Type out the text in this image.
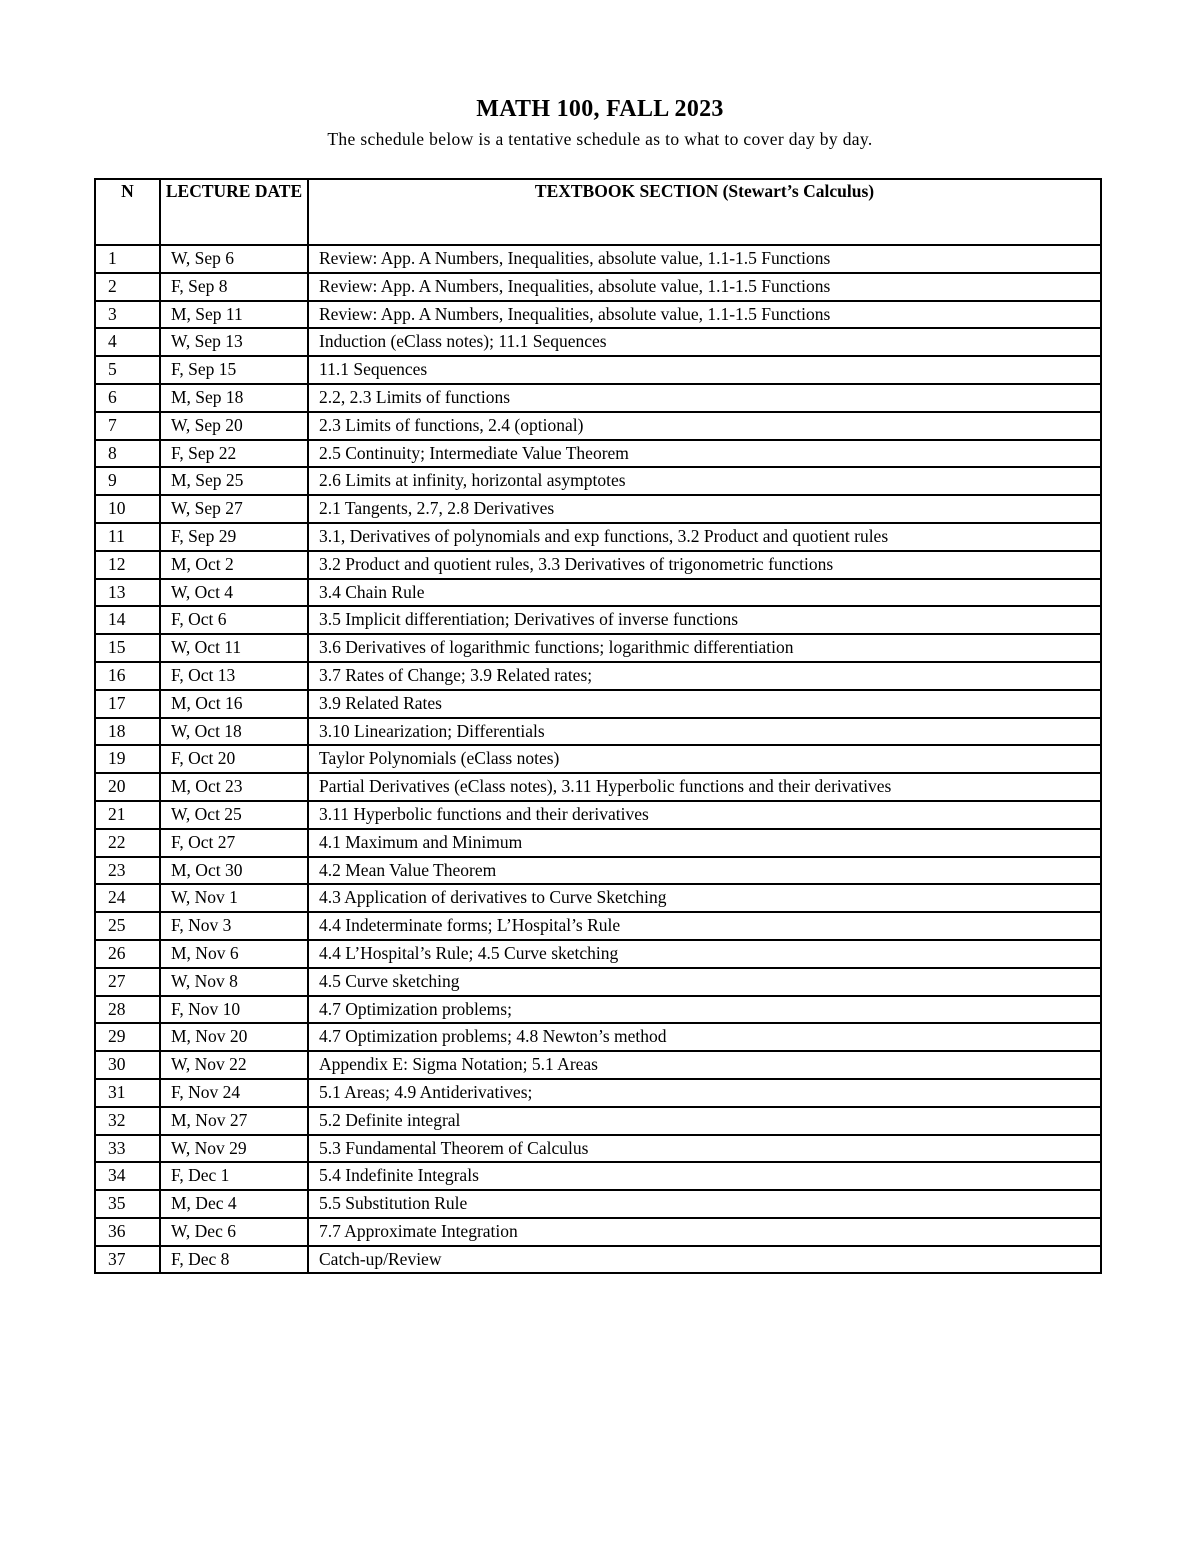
MATH 100, FALL 2023
The schedule below is a tentative schedule as to what to cover day by day.
N	LECTURE DATE	TEXTBOOK SECTION (Stewart’s Calculus)
1	W, Sep 6	Review: App. A Numbers, Inequalities, absolute value, 1.1-1.5 Functions
2	F, Sep 8	Review: App. A Numbers, Inequalities, absolute value, 1.1-1.5 Functions
3	M, Sep 11	Review: App. A Numbers, Inequalities, absolute value, 1.1-1.5 Functions
4	W, Sep 13	Induction (eClass notes); 11.1 Sequences
5	F, Sep 15	11.1 Sequences
6	M, Sep 18	2.2, 2.3 Limits of functions
7	W, Sep 20	2.3 Limits of functions, 2.4 (optional)
8	F, Sep 22	2.5 Continuity; Intermediate Value Theorem
9	M, Sep 25	2.6 Limits at infinity, horizontal asymptotes
10	W, Sep 27	2.1 Tangents, 2.7, 2.8 Derivatives
11	F, Sep 29	3.1, Derivatives of polynomials and exp functions, 3.2 Product and quotient rules
12	M, Oct 2	3.2 Product and quotient rules, 3.3 Derivatives of trigonometric functions
13	W, Oct 4	3.4 Chain Rule
14	F, Oct 6	3.5 Implicit differentiation; Derivatives of inverse functions
15	W, Oct 11	3.6 Derivatives of logarithmic functions; logarithmic differentiation
16	F, Oct 13	3.7 Rates of Change; 3.9 Related rates;
17	M, Oct 16	3.9 Related Rates
18	W, Oct 18	3.10 Linearization; Differentials
19	F, Oct 20	Taylor Polynomials (eClass notes)
20	M, Oct 23	Partial Derivatives (eClass notes), 3.11 Hyperbolic functions and their derivatives
21	W, Oct 25	3.11 Hyperbolic functions and their derivatives
22	F, Oct 27	4.1 Maximum and Minimum
23	M, Oct 30	4.2 Mean Value Theorem
24	W, Nov 1	4.3 Application of derivatives to Curve Sketching
25	F, Nov 3	4.4 Indeterminate forms; L’Hospital’s Rule
26	M, Nov 6	4.4 L’Hospital’s Rule; 4.5 Curve sketching
27	W, Nov 8	4.5 Curve sketching
28	F, Nov 10	4.7 Optimization problems;
29	M, Nov 20	4.7 Optimization problems; 4.8 Newton’s method
30	W, Nov 22	Appendix E: Sigma Notation; 5.1 Areas
31	F, Nov 24	5.1 Areas; 4.9 Antiderivatives;
32	M, Nov 27	5.2 Definite integral
33	W, Nov 29	5.3 Fundamental Theorem of Calculus
34	F, Dec 1	5.4 Indefinite Integrals
35	M, Dec 4	5.5 Substitution Rule
36	W, Dec 6	7.7 Approximate Integration
37	F, Dec 8	Catch-up/Review
